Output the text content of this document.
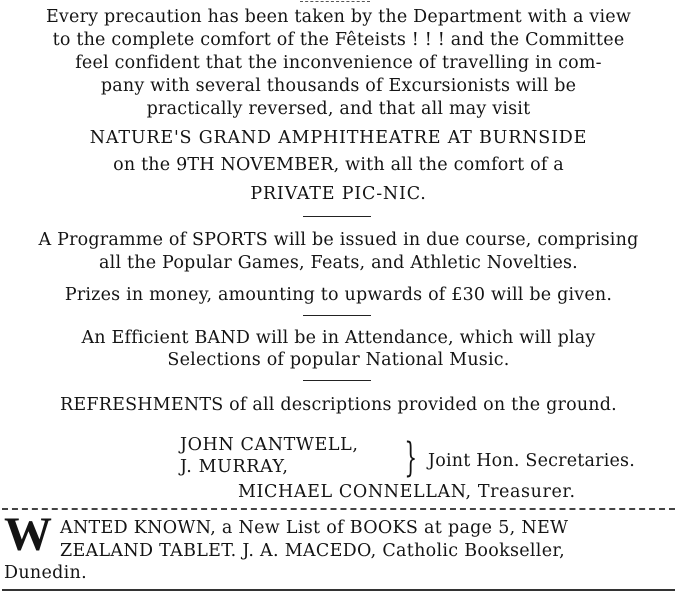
Every precaution has been taken by the Department with a view
to the complete comfort of the Fêteists ! ! ! and the Committee
feel confident that the inconvenience of travelling in com-
pany with several thousands of Excursionists will be
practically reversed, and that all may visit
NATURE'S GRAND AMPHITHEATRE AT BURNSIDE
on the 9TH NOVEMBER, with all the comfort of a
PRIVATE PIC-NIC.
A Programme of SPORTS will be issued in due course, comprising
all the Popular Games, Feats, and Athletic Novelties.
Prizes in money, amounting to upwards of £30 will be given.
An Efficient BAND will be in Attendance, which will play
Selections of popular National Music.
REFRESHMENTS of all descriptions provided on the ground.
JOHN CANTWELL,
J. MURRAY,	} Joint Hon. Secretaries.
MICHAEL CONNELLAN, Treasurer.
W ANTED KNOWN, a New List of BOOKS at page 5, NEW
ZEALAND TABLET. J. A. MACEDO, Catholic Bookseller,
Dunedin.
